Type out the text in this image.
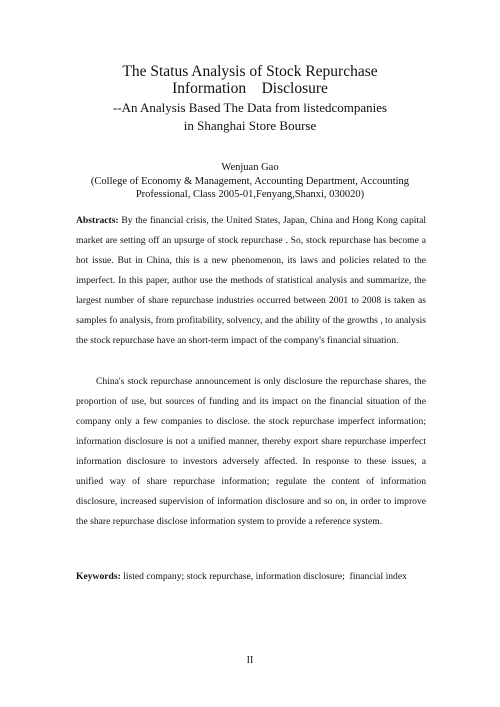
The Status Analysis of Stock Repurchase
Information    Disclosure
--An Analysis Based The Data from listedcompanies
in Shanghai Store Bourse
Wenjuan Gao
(College of Economy & Management, Accounting Department, Accounting
Professional, Class 2005-01,Fenyang,Shanxi, 030020)
Abstracts: By the financial crisis, the United States, Japan, China and Hong Kong capital market are setting off an upsurge of stock repurchase . So, stock repurchase has become a hot issue. But in China, this is a new phenomenon, its laws and policies related to the imperfect. In this paper, author use the methods of statistical analysis and summarize, the largest number of share repurchase industries occurred between 2001 to 2008 is taken as samples fo analysis, from profitability, solvency, and the ability of the growths , to analysis the stock repurchase have an short-term impact of the company's financial situation.
China's stock repurchase announcement is only disclosure the repurchase shares, the proportion of use, but sources of funding and its impact on the financial situation of the company only a few companies to disclose. the stock repurchase imperfect information; information disclosure is not a unified manner, thereby export share repurchase imperfect information disclosure to investors adversely affected. In response to these issues, a unified way of share repurchase information; regulate the content of information disclosure, increased supervision of information disclosure and so on, in order to improve the share repurchase disclose information system to provide a reference system.
Keywords: listed company; stock repurchase, information disclosure;  financial index
II
